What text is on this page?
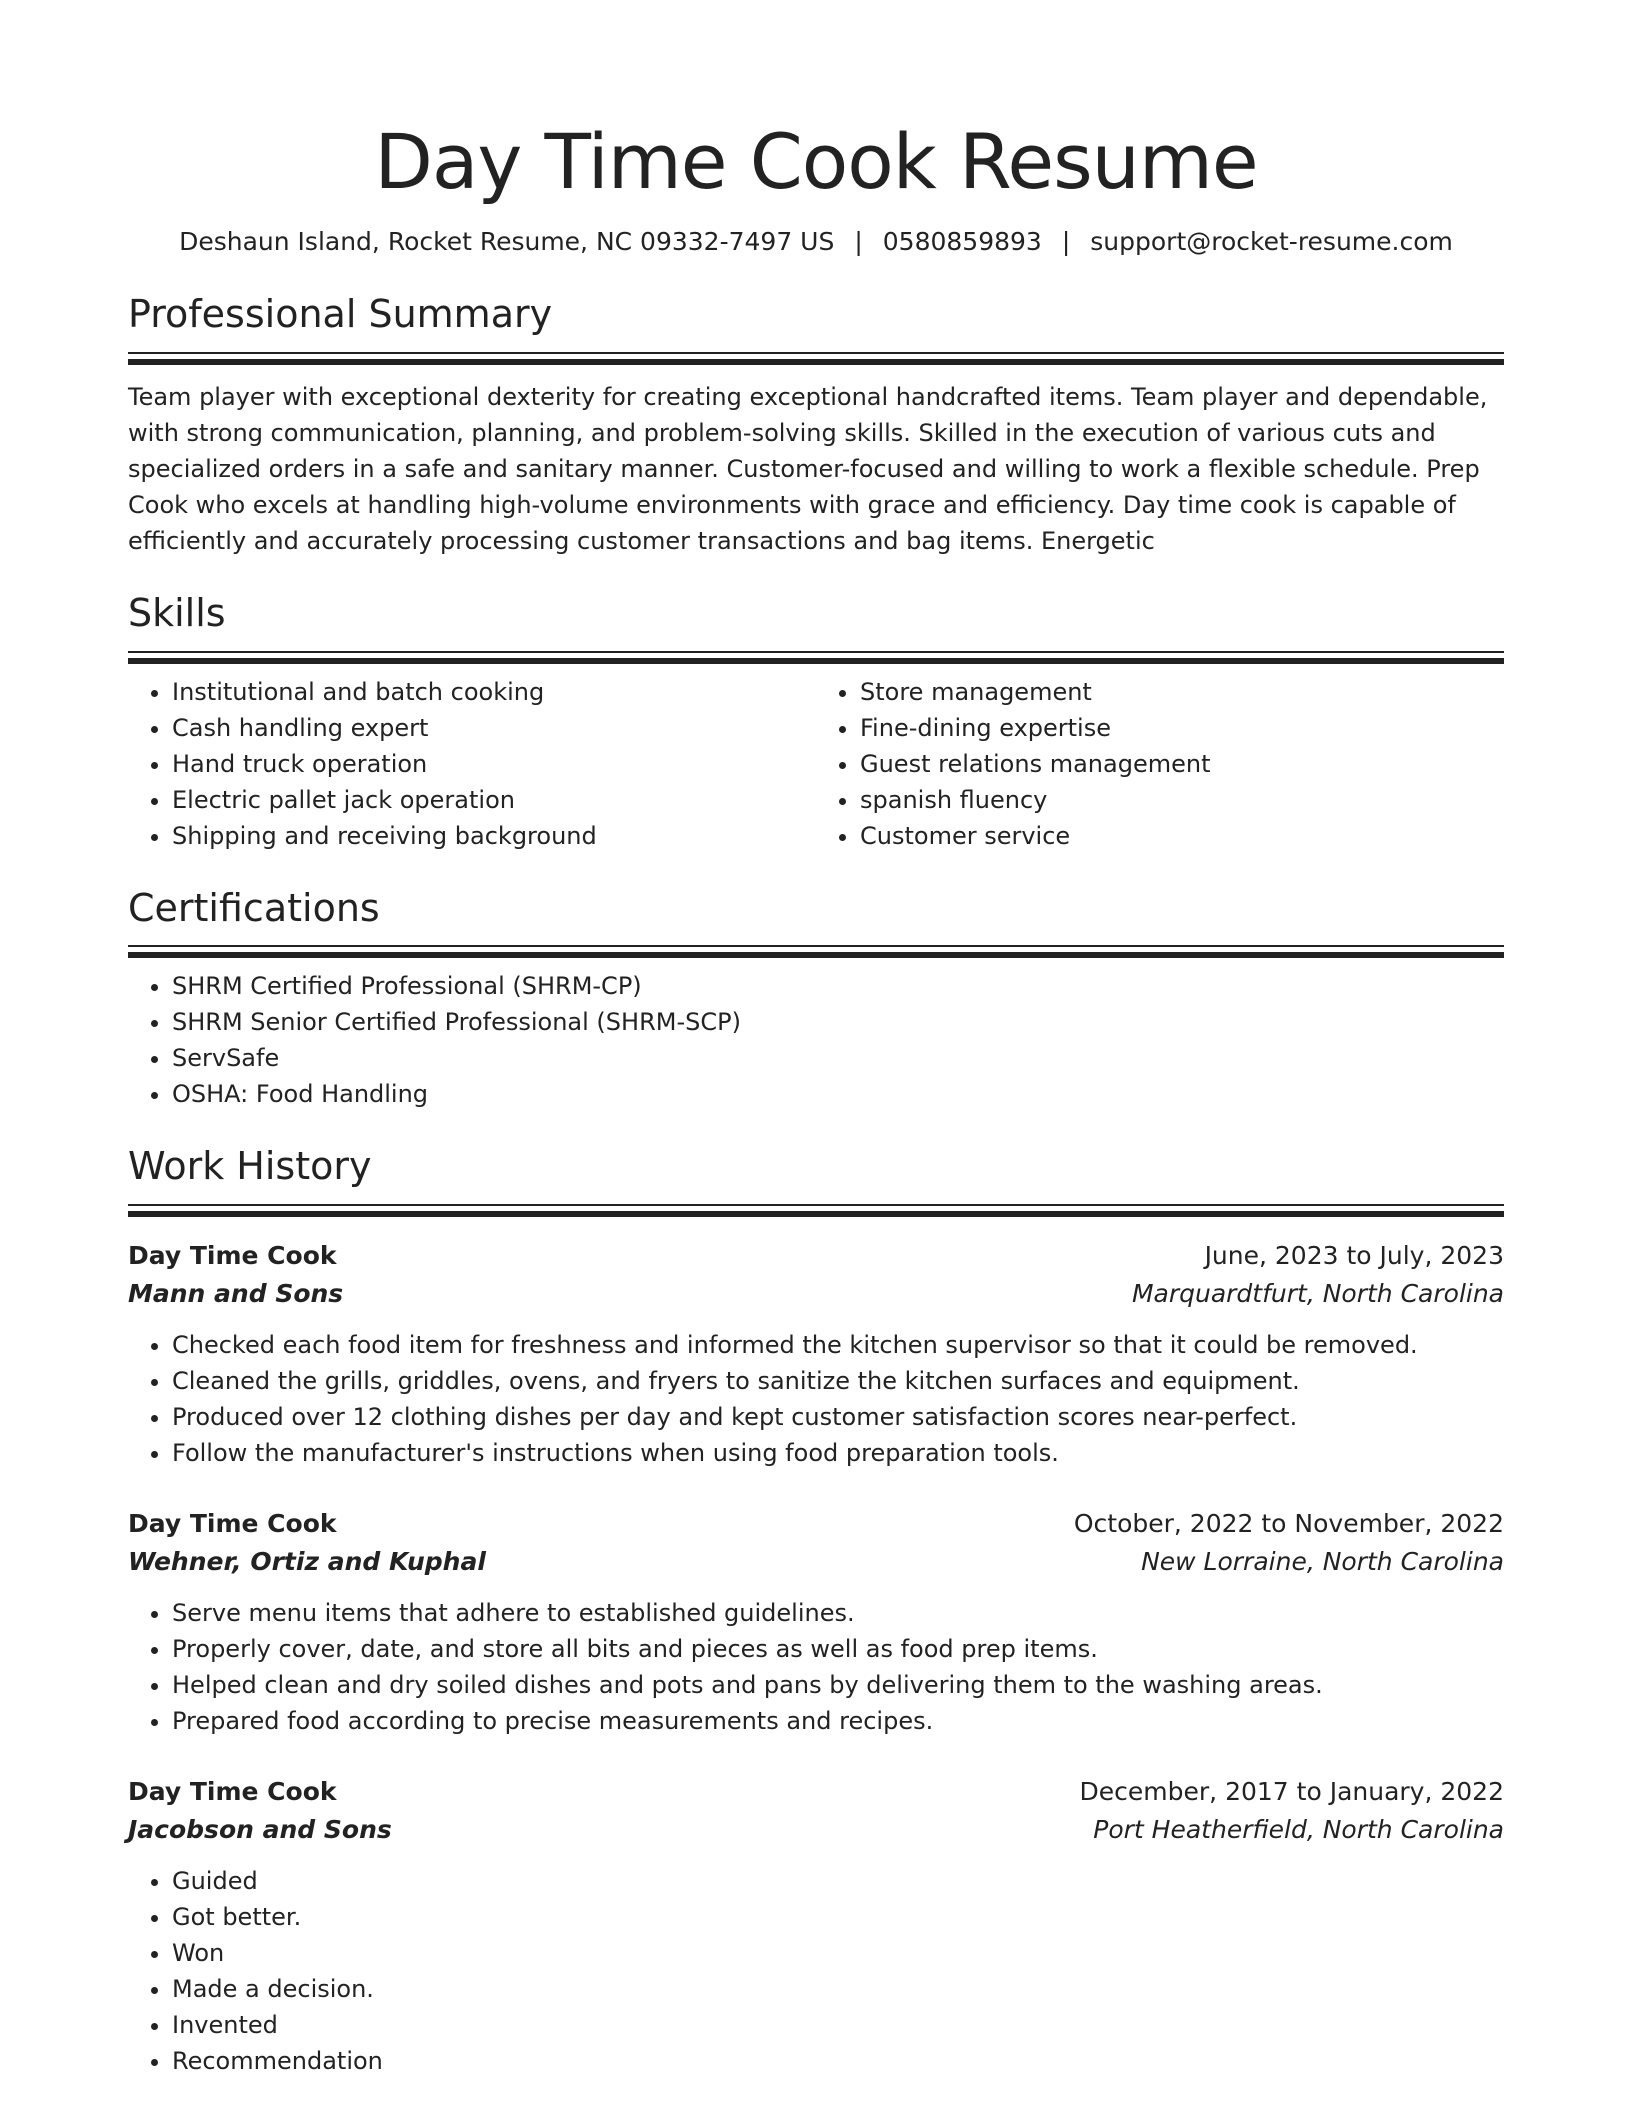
Day Time Cook Resume
Deshaun Island, Rocket Resume, NC 09332-7497 US | 0580859893 | support@rocket-resume.com
Professional Summary
Team player with exceptional dexterity for creating exceptional handcrafted items. Team player and dependable, with strong communication, planning, and problem-solving skills. Skilled in the execution of various cuts and specialized orders in a safe and sanitary manner. Customer-focused and willing to work a flexible schedule. Prep Cook who excels at handling high-volume environments with grace and efficiency. Day time cook is capable of efficiently and accurately processing customer transactions and bag items. Energetic
Skills
• Institutional and batch cooking
• Cash handling expert
• Hand truck operation
• Electric pallet jack operation
• Shipping and receiving background
• Store management
• Fine-dining expertise
• Guest relations management
• spanish fluency
• Customer service
Certifications
• SHRM Certified Professional (SHRM-CP)
• SHRM Senior Certified Professional (SHRM-SCP)
• ServSafe
• OSHA: Food Handling
Work History
Day Time Cook	June, 2023 to July, 2023
Mann and Sons	Marquardtfurt, North Carolina
• Checked each food item for freshness and informed the kitchen supervisor so that it could be removed.
• Cleaned the grills, griddles, ovens, and fryers to sanitize the kitchen surfaces and equipment.
• Produced over 12 clothing dishes per day and kept customer satisfaction scores near-perfect.
• Follow the manufacturer's instructions when using food preparation tools.
Day Time Cook	October, 2022 to November, 2022
Wehner, Ortiz and Kuphal	New Lorraine, North Carolina
• Serve menu items that adhere to established guidelines.
• Properly cover, date, and store all bits and pieces as well as food prep items.
• Helped clean and dry soiled dishes and pots and pans by delivering them to the washing areas.
• Prepared food according to precise measurements and recipes.
Day Time Cook	December, 2017 to January, 2022
Jacobson and Sons	Port Heatherfield, North Carolina
• Guided
• Got better.
• Won
• Made a decision.
• Invented
• Recommendation
